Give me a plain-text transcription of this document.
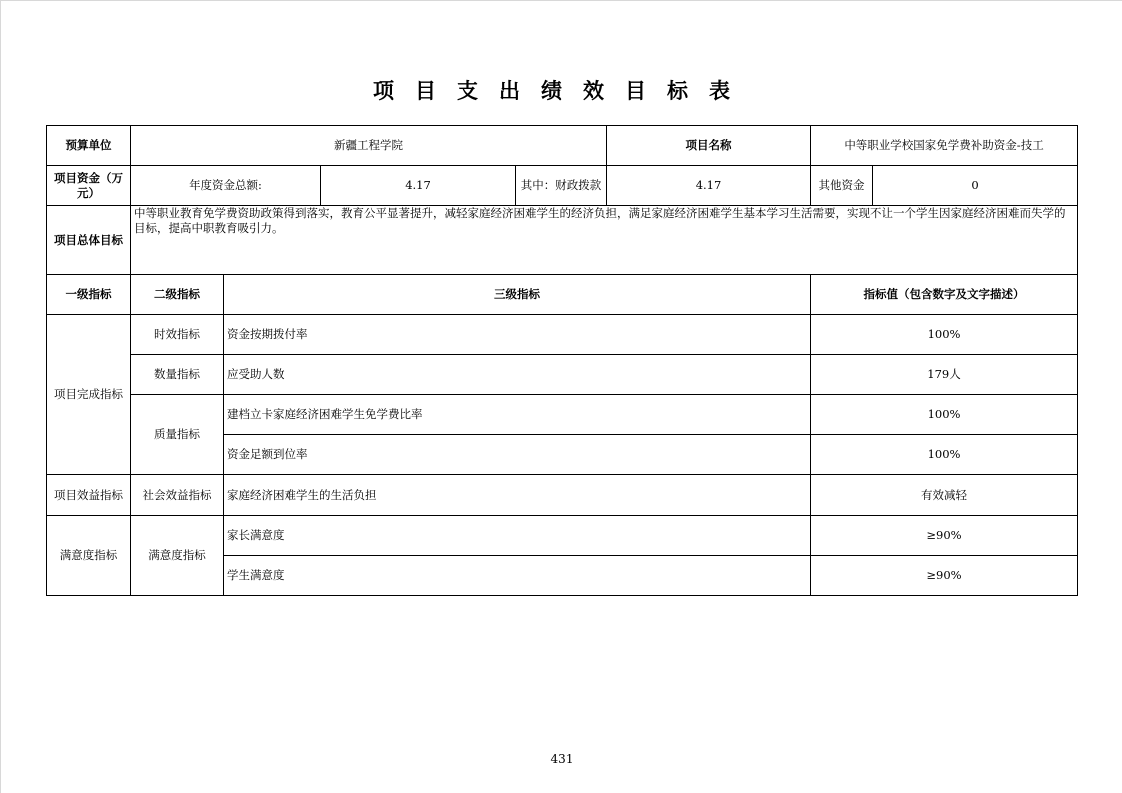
项目支出绩效目标表
预算单位	新疆工程学院				项目名称	中等职业学校国家免学费补助资金-技工	
项目资金（万元）	年度资金总额:		4.17	其中：财政拨款	4.17	其他资金	0
项目总体目标	中等职业教育免学费资助政策得到落实，教育公平显著提升，减轻家庭经济困难学生的经济负担，满足家庭经济困难学生基本学习生活需要，实现不让一个学生因家庭经济困难而失学的目标，提高中职教育吸引力。						
一级指标	二级指标	三级指标				指标值（包含数字及文字描述）	
项目完成指标	时效指标	资金按期拨付率				100%	
	数量指标	应受助人数				179人	
	质量指标	建档立卡家庭经济困难学生免学费比率				100%	
		资金足额到位率				100%	
项目效益指标	社会效益指标	家庭经济困难学生的生活负担				有效减轻	
满意度指标	满意度指标	家长满意度				≥90%	
		学生满意度				≥90%	
431
